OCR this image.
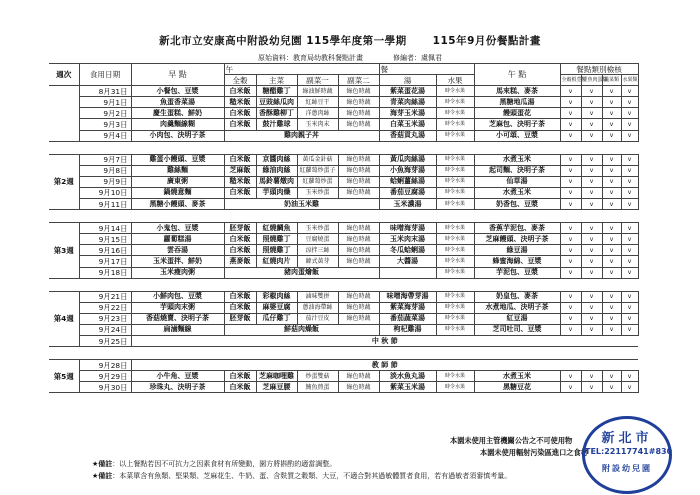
新北市立安康高中附設幼兒園 115學年度第一學期 115年9月份餐點計畫
原始資料：教育局幼教科餐點計畫	修編者：虞佩君
週次	食用日期	早 點	午				餐		午 點	餐點類別檢核			
			全穀	主菜	副菜一	副菜二	湯	水果		全穀根莖類	豆魚肉蛋類	蔬菜類	水果類
	8月31日	小餐包、豆漿	白米飯	糖醋雞丁	綠油鮮時蔬	綠色時蔬	紫菜蛋花湯	時令水果	馬來糕、麥茶	v	v	v	v
	9月1日	魚蛋香菜湯	糙米飯	豆豉絲瓜肉	紅絲豆干	綠色時蔬	青菜肉絲湯	時令水果	黑糖地瓜湯	v	v	v	v
	9月2日	慶生蛋糕、鮮奶	白米飯	香酥雞柳丁	洋蔥肉絲	綠色時蔬	海芽玉米湯	時令水果	饅頭蛋花	v	v	v	v
	9月3日	肉羹麵線糊	白米飯	鼓汁雞球	玉米肉末	綠色時蔬	白菜玉米湯	時令水果	芝麻包、決明子茶	v	v	v	v
	9月4日	小肉包、決明子茶	雞肉親子丼				香菇貢丸湯	時令水果	小可頌、豆漿	v	v	v	v

第2週	9月7日	雞蛋小饅頭、豆漿	白米飯	京醬肉絲	黃瓜金針菇	綠色時蔬	黃瓜肉絲湯	時令水果	水煮玉米	v	v	v	v
	9月8日	雞絲麵	芝麻飯	綠油肉絲	紅蘿蔔炒蛋子	綠色時蔬	小魚海芽湯	時令水果	起司麵、決明子茶	v	v	v	v
	9月9日	廣東粥	糙米飯	馬鈴薯燉肉	紅蘿蔔炒蛋	綠色時蔬	蛤蜊薑絲湯	時令水果	仙草湯	v	v	v	v
	9月10日	鍋燒意麵	白米飯	芋頭肉燥	玉米炒蛋	綠色時蔬	番茄豆腐湯	時令水果	水煮玉米	v	v	v	v
	9月11日	黑糖小饅頭、麥茶	奶油玉米雞				玉米濃湯	時令水果	奶香包、豆漿	v	v	v	v

第3週	9月14日	小鬼包、豆漿	胚芽飯	紅燒鯛魚	玉米炒蛋	綠色時蔬	味噌海芽湯	時令水果	香蕉芋泥包、麥茶	v	v	v	v
	9月15日	蘿蔔糕湯	白米飯	照燒雞丁	豆腐燒蛋	綠色時蔬	玉米肉末湯	時令水果	芝麻饅頭、決明子茶	v	v	v	v
	9月16日	雲吞湯	白米飯	照燒雞丁	涼拌三絲	綠色時蔬	冬瓜蛤蜊湯	時令水果	綠豆湯	v	v	v	v
	9月17日	玉米蛋拌、鮮奶	燕麥飯	紅燒肉片	韓式黃芽	綠色時蔬	大醬湯	時令水果	蜂蜜海綿、豆漿	v	v	v	v
	9月18日	玉米瘦肉粥	豬肉蛋燴飯					時令水果	芋泥包、豆漿	v	v	v	v

第4週	9月21日	小鮮肉包、豆漿	白米飯	彩椒肉絲	滷味雙拼	綠色時蔬	味噌海帶芽湯	時令水果	奶皇包、麥茶	v	v	v	v
	9月22日	芋頭肉末粥	白米飯	麻婆豆腐	蔥油海帶絲	綠色時蔬	紫菜海芽湯	時令水果	水煮地瓜、決明子茶	v	v	v	v
	9月23日	香菇燒賣、決明子茶	胚芽飯	瓜仔雞丁	茄汁豆皮	綠色時蔬	番茄蔬菜湯	時令水果	紅豆湯	v	v	v	v
	9月24日	扁滷麵線	鮮菇肉燥飯				枸杞雞湯	時令水果	芝司吐司、豆漿	v	v	v	v
	9月25日	中 秋 節											

第5週	9月28日	教 師 節											
	9月29日	小牛角、豆漿	白米飯	芝麻咖哩雞	炒蛋雙菇	綠色時蔬	淡水魚丸湯	時令水果	水煮玉米	v	v	v	v
	9月30日	珍珠丸、決明子茶	白米飯	芝麻豆腰	鮪魚煎蛋	綠色時蔬	紫菜玉米湯	時令水果	黑糖豆花	v	v	v	v
本園未使用主管機關公告之不可使用物
本園未使用輻射污染區進口之食材
★備註：以上餐點若因不可抗力之因素食材有所變動，園方將斟酌的適當調整。
★備註：本菜單含有魚類、堅果類、芝麻花生、牛奶、蛋、含麩質之穀類、大豆，不適合對其過敏體質者食用，若有過敏者須審慎考量。
新北市
TEL:22117741#830
附設幼兒園
